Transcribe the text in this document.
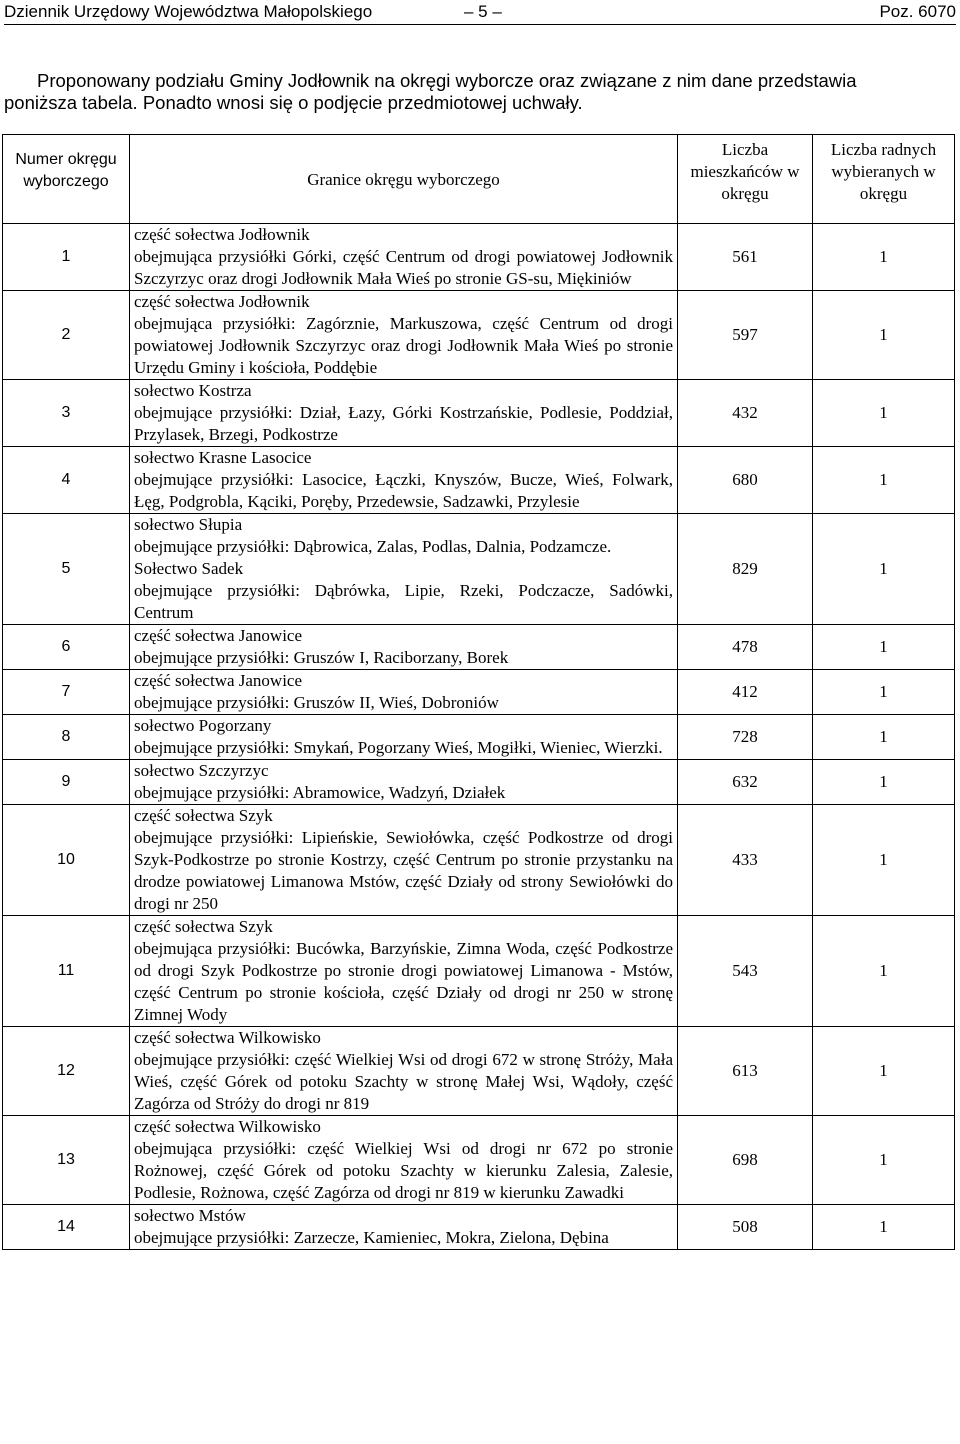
Dziennik Urzędowy Województwa Małopolskiego	– 5 –	Poz. 6070

Proponowany podziału Gminy Jodłownik na okręgi wyborcze oraz związane z nim dane przedstawia
poniższa tabela. Ponadto wnosi się o podjęcie przedmiotowej uchwały.

Numer okręgu wyborczego	Granice okręgu wyborczego	Liczba mieszkańców w okręgu	Liczba radnych wybieranych w okręgu
1	część sołectwa Jodłownik
obejmująca przysiółki Górki, część Centrum od drogi powiatowej Jodłownik Szczyrzyc oraz drogi Jodłownik Mała Wieś po stronie GS-su, Miękiniów	561	1
2	część sołectwa Jodłownik
obejmująca przysiółki: Zagórznie, Markuszowa, część Centrum od drogi powiatowej Jodłownik Szczyrzyc oraz drogi Jodłownik Mała Wieś po stronie Urzędu Gminy i kościoła, Poddębie	597	1
3	sołectwo Kostrza
obejmujące przysiółki: Dział, Łazy, Górki Kostrzańskie, Podlesie, Poddział, Przylasek, Brzegi, Podkostrze	432	1
4	sołectwo Krasne Lasocice
obejmujące przysiółki: Lasocice, Łączki, Knyszów, Bucze, Wieś, Folwark, Łęg, Podgrobla, Kąciki, Poręby, Przedewsie, Sadzawki, Przylesie	680	1
5	sołectwo Słupia
obejmujące przysiółki: Dąbrowica, Zalas, Podlas, Dalnia, Podzamcze.
Sołectwo Sadek
obejmujące przysiółki: Dąbrówka, Lipie, Rzeki, Podczacze, Sadówki, Centrum	829	1
6	część sołectwa Janowice
obejmujące przysiółki: Gruszów I, Raciborzany, Borek	478	1
7	część sołectwa Janowice
obejmujące przysiółki: Gruszów II, Wieś, Dobroniów	412	1
8	sołectwo Pogorzany
obejmujące przysiółki: Smykań, Pogorzany Wieś, Mogiłki, Wieniec, Wierzki.	728	1
9	sołectwo Szczyrzyc
obejmujące przysiółki: Abramowice, Wadzyń, Działek	632	1
10	część sołectwa Szyk
obejmujące przysiółki: Lipieńskie, Sewiołówka, część Podkostrze od drogi Szyk-Podkostrze po stronie Kostrzy, część Centrum po stronie przystanku na drodze powiatowej Limanowa Mstów, część Działy od strony Sewiołówki do drogi nr 250	433	1
11	część sołectwa Szyk
obejmująca przysiółki: Bucówka, Barzyńskie, Zimna Woda, część Podkostrze od drogi Szyk Podkostrze po stronie drogi powiatowej Limanowa - Mstów, część Centrum po stronie kościoła, część Działy od drogi nr 250 w stronę Zimnej Wody	543	1
12	część sołectwa Wilkowisko
obejmujące przysiółki: część Wielkiej Wsi od drogi 672 w stronę Stróży, Mała Wieś, część Górek od potoku Szachty w stronę Małej Wsi, Wądoły, część Zagórza od Stróży do drogi nr 819	613	1
13	część sołectwa Wilkowisko
obejmująca przysiółki: część Wielkiej Wsi od drogi nr 672 po stronie Rożnowej, część Górek od potoku Szachty w kierunku Zalesia, Zalesie, Podlesie, Rożnowa, część Zagórza od drogi nr 819 w kierunku Zawadki	698	1
14	sołectwo Mstów
obejmujące przysiółki: Zarzecze, Kamieniec, Mokra, Zielona, Dębina	508	1
